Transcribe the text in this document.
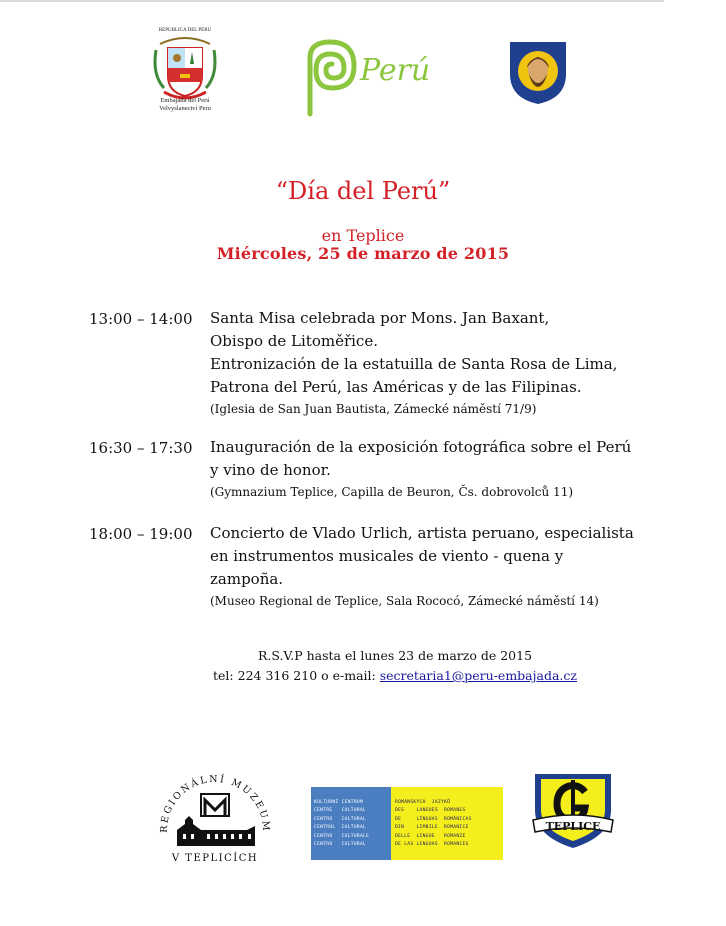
REPUBLICA DEL PERU
Embajada del Perú
Velvyslanectví Peru
Perú
“Día del Perú”
en Teplice
Miércoles, 25 de marzo de 2015
13:00 – 14:00 Santa Misa celebrada por Mons. Jan Baxant,
Obispo de Litoměřice.
Entronización de la estatuilla de Santa Rosa de Lima,
Patrona del Perú, las Américas y de las Filipinas.
(Iglesia de San Juan Bautista, Zámecké náměstí 71/9)
16:30 – 17:30 Inauguración de la exposición fotográfica sobre el Perú
y vino de honor.
(Gymnazium Teplice, Capilla de Beuron, Čs. dobrovolců 11)
18:00 – 19:00 Concierto de Vlado Urlich, artista peruano, especialista
en instrumentos musicales de viento - quena y
zampoña.
(Museo Regional de Teplice, Sala Rococó, Zámecké náměstí 14)
R.S.V.P hasta el lunes 23 de marzo de 2015
tel: 224 316 210 o e-mail: secretaria1@peru-embajada.cz
REGIONÁLNÍ MUZEUM
V TEPLICÍCH
KULTURNÍ CENTRUM
CENTRE   CULTURAL
CENTRO   CULTURAL
CENTRUL  CULTURAL
CENTRO   CULTURALE
CENTRO   CULTURAL
ROMÁNSKÝCH  JAZYKŮ
DES    LANGUES  ROMANES
DE     LÍNGUAS  ROMÂNICAS
DIN    LIMBILE  ROMANICE
DELLE  LINGUE   ROMANZE
DE LAS LENGUAS  ROMANCES
TEPLICE
